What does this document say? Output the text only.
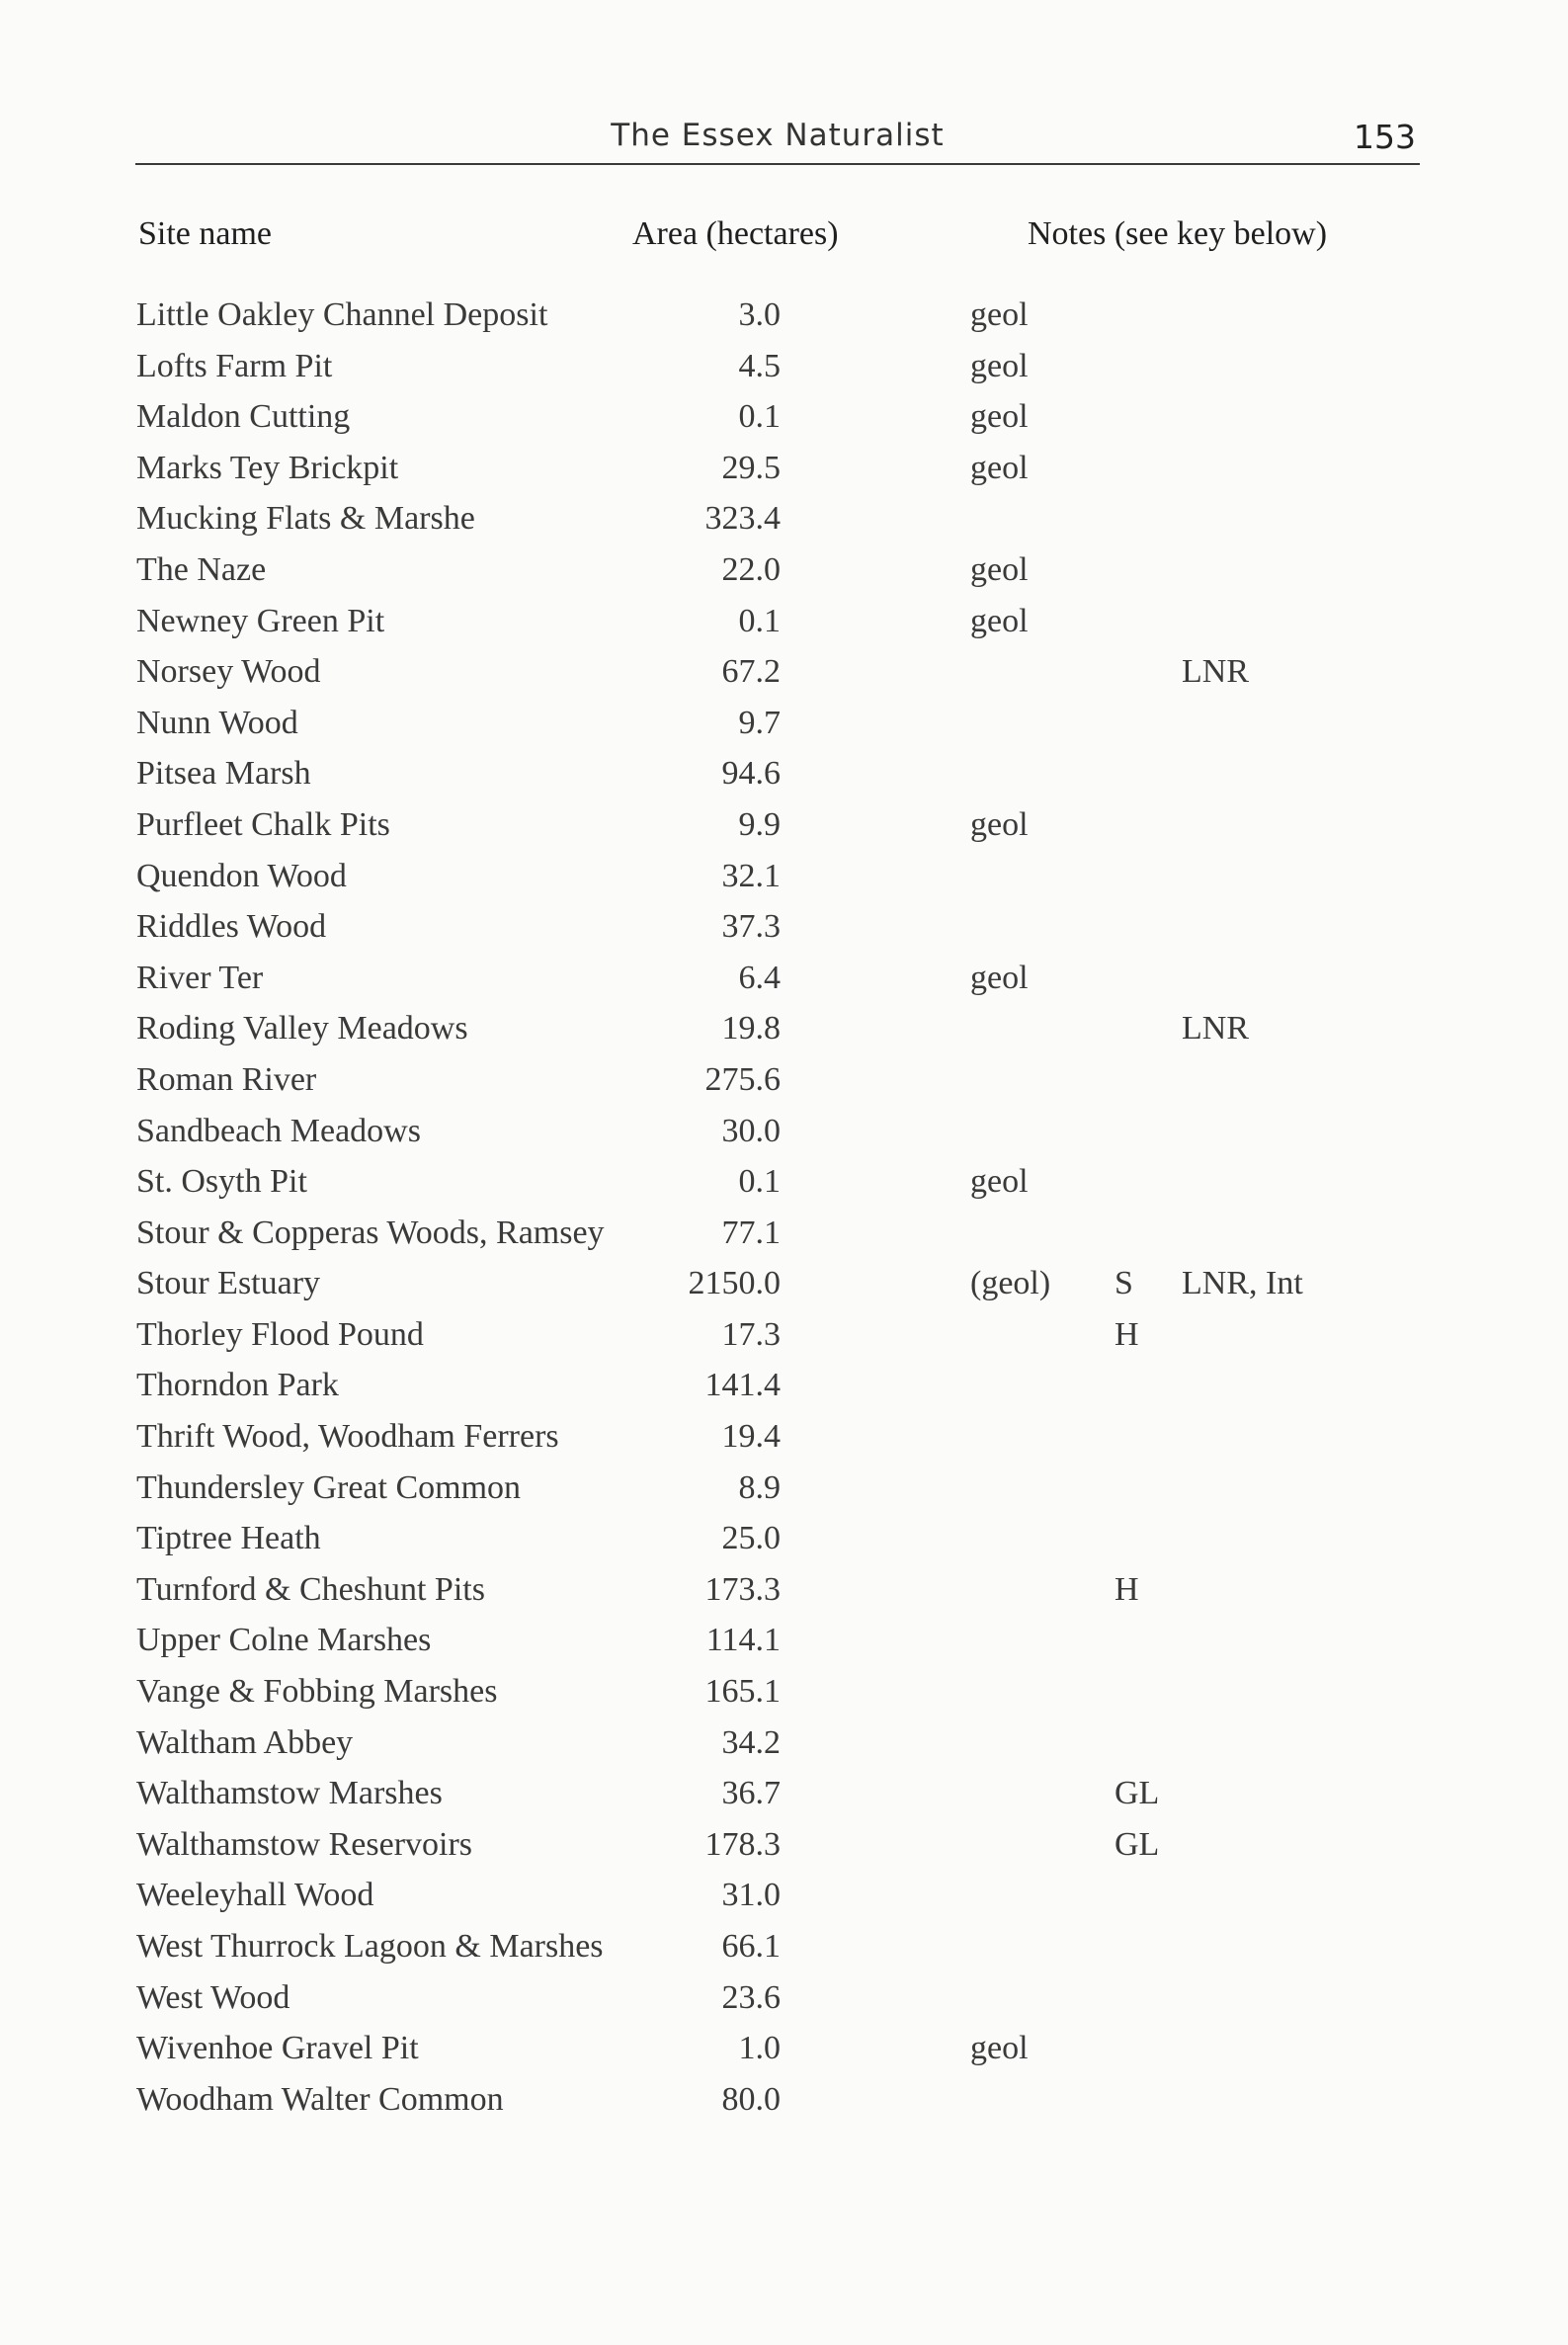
The Essex Naturalist	153
Site name	Area (hectares)	Notes (see key below)
Little Oakley Channel Deposit	3.0	geol
Lofts Farm Pit	4.5	geol
Maldon Cutting	0.1	geol
Marks Tey Brickpit	29.5	geol
Mucking Flats & Marshe	323.4
The Naze	22.0	geol
Newney Green Pit	0.1	geol
Norsey Wood	67.2	LNR
Nunn Wood	9.7
Pitsea Marsh	94.6
Purfleet Chalk Pits	9.9	geol
Quendon Wood	32.1
Riddles Wood	37.3
River Ter	6.4	geol
Roding Valley Meadows	19.8	LNR
Roman River	275.6
Sandbeach Meadows	30.0
St. Osyth Pit	0.1	geol
Stour & Copperas Woods, Ramsey	77.1
Stour Estuary	2150.0	(geol) S LNR, Int
Thorley Flood Pound	17.3	H
Thorndon Park	141.4
Thrift Wood, Woodham Ferrers	19.4
Thundersley Great Common	8.9
Tiptree Heath	25.0
Turnford & Cheshunt Pits	173.3	H
Upper Colne Marshes	114.1
Vange & Fobbing Marshes	165.1
Waltham Abbey	34.2
Walthamstow Marshes	36.7	GL
Walthamstow Reservoirs	178.3	GL
Weeleyhall Wood	31.0
West Thurrock Lagoon & Marshes	66.1
West Wood	23.6
Wivenhoe Gravel Pit	1.0	geol
Woodham Walter Common	80.0
